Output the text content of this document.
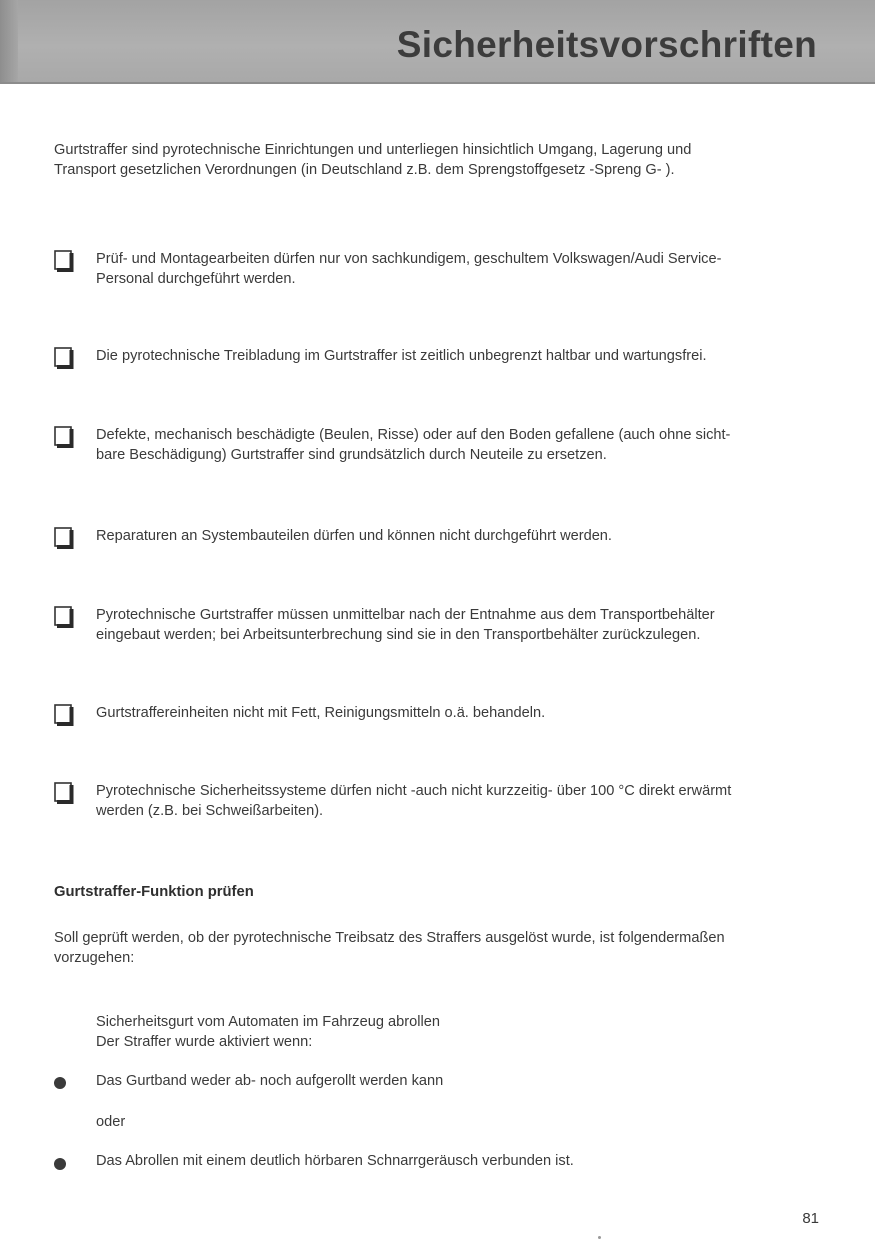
Sicherheitsvorschriften

Gurtstraffer sind pyrotechnische Einrichtungen und unterliegen hinsichtlich Umgang, Lagerung und
Transport gesetzlichen Verordnungen (in Deutschland z.B. dem Sprengstoffgesetz -Spreng G- ).

Prüf- und Montagearbeiten dürfen nur von sachkundigem, geschultem Volkswagen/Audi Service-
Personal durchgeführt werden.

Die pyrotechnische Treibladung im Gurtstraffer ist zeitlich unbegrenzt haltbar und wartungsfrei.

Defekte, mechanisch beschädigte (Beulen, Risse) oder auf den Boden gefallene (auch ohne sicht-
bare Beschädigung) Gurtstraffer sind grundsätzlich durch Neuteile zu ersetzen.

Reparaturen an Systembauteilen dürfen und können nicht durchgeführt werden.

Pyrotechnische Gurtstraffer müssen unmittelbar nach der Entnahme aus dem Transportbehälter
eingebaut werden; bei Arbeitsunterbrechung sind sie in den Transportbehälter zurückzulegen.

Gurtstraffereinheiten nicht mit Fett, Reinigungsmitteln o.ä. behandeln.

Pyrotechnische Sicherheitssysteme dürfen nicht -auch nicht kurzzeitig- über 100 °C direkt erwärmt
werden (z.B. bei Schweißarbeiten).

Gurtstraffer-Funktion prüfen

Soll geprüft werden, ob der pyrotechnische Treibsatz des Straffers ausgelöst wurde, ist folgendermaßen
vorzugehen:

Sicherheitsgurt vom Automaten im Fahrzeug abrollen

Der Straffer wurde aktiviert wenn:

Das Gurtband weder ab- noch aufgerollt werden kann

oder

Das Abrollen mit einem deutlich hörbaren Schnarrgeräusch verbunden ist.

81
